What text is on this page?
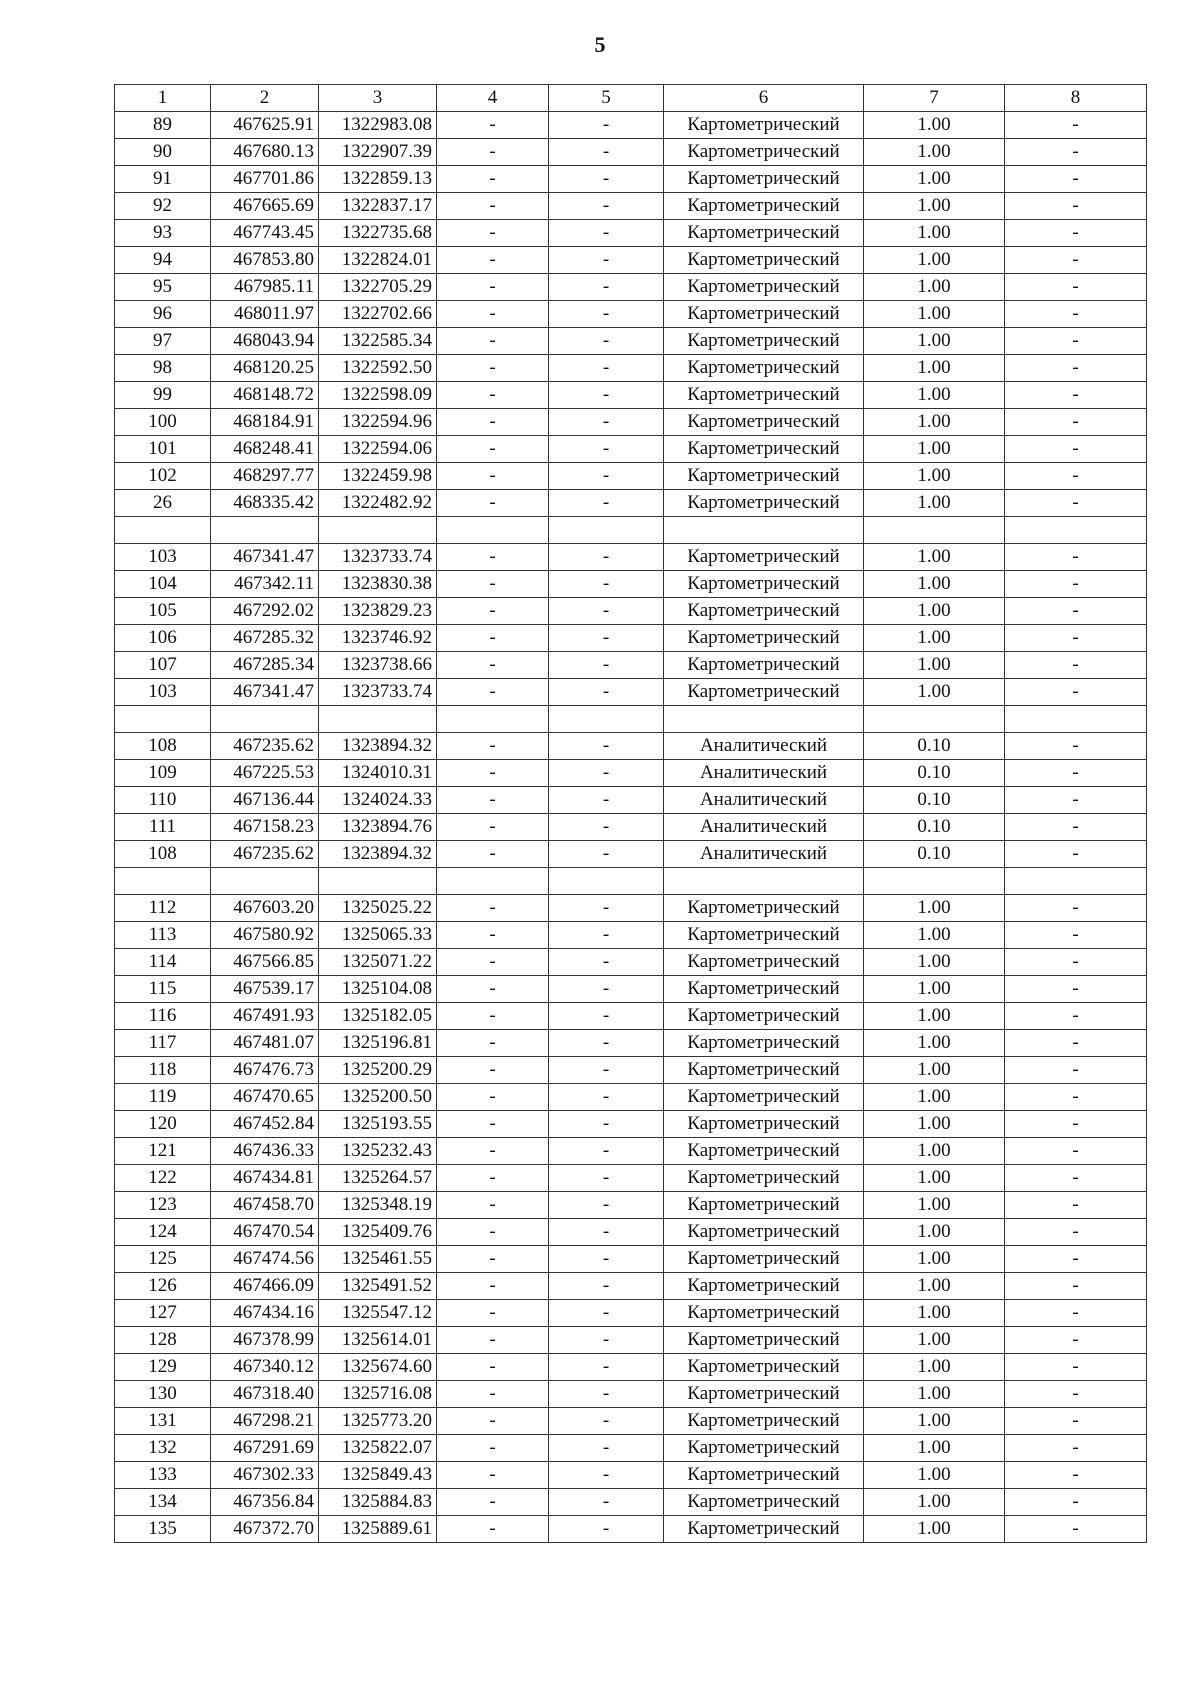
5
1	2	3	4	5	6	7	8
89	467625.91	1322983.08	-	-	Картометрический	1.00	-
90	467680.13	1322907.39	-	-	Картометрический	1.00	-
91	467701.86	1322859.13	-	-	Картометрический	1.00	-
92	467665.69	1322837.17	-	-	Картометрический	1.00	-
93	467743.45	1322735.68	-	-	Картометрический	1.00	-
94	467853.80	1322824.01	-	-	Картометрический	1.00	-
95	467985.11	1322705.29	-	-	Картометрический	1.00	-
96	468011.97	1322702.66	-	-	Картометрический	1.00	-
97	468043.94	1322585.34	-	-	Картометрический	1.00	-
98	468120.25	1322592.50	-	-	Картометрический	1.00	-
99	468148.72	1322598.09	-	-	Картометрический	1.00	-
100	468184.91	1322594.96	-	-	Картометрический	1.00	-
101	468248.41	1322594.06	-	-	Картометрический	1.00	-
102	468297.77	1322459.98	-	-	Картометрический	1.00	-
26	468335.42	1322482.92	-	-	Картометрический	1.00	-

103	467341.47	1323733.74	-	-	Картометрический	1.00	-
104	467342.11	1323830.38	-	-	Картометрический	1.00	-
105	467292.02	1323829.23	-	-	Картометрический	1.00	-
106	467285.32	1323746.92	-	-	Картометрический	1.00	-
107	467285.34	1323738.66	-	-	Картометрический	1.00	-
103	467341.47	1323733.74	-	-	Картометрический	1.00	-

108	467235.62	1323894.32	-	-	Аналитический	0.10	-
109	467225.53	1324010.31	-	-	Аналитический	0.10	-
110	467136.44	1324024.33	-	-	Аналитический	0.10	-
111	467158.23	1323894.76	-	-	Аналитический	0.10	-
108	467235.62	1323894.32	-	-	Аналитический	0.10	-

112	467603.20	1325025.22	-	-	Картометрический	1.00	-
113	467580.92	1325065.33	-	-	Картометрический	1.00	-
114	467566.85	1325071.22	-	-	Картометрический	1.00	-
115	467539.17	1325104.08	-	-	Картометрический	1.00	-
116	467491.93	1325182.05	-	-	Картометрический	1.00	-
117	467481.07	1325196.81	-	-	Картометрический	1.00	-
118	467476.73	1325200.29	-	-	Картометрический	1.00	-
119	467470.65	1325200.50	-	-	Картометрический	1.00	-
120	467452.84	1325193.55	-	-	Картометрический	1.00	-
121	467436.33	1325232.43	-	-	Картометрический	1.00	-
122	467434.81	1325264.57	-	-	Картометрический	1.00	-
123	467458.70	1325348.19	-	-	Картометрический	1.00	-
124	467470.54	1325409.76	-	-	Картометрический	1.00	-
125	467474.56	1325461.55	-	-	Картометрический	1.00	-
126	467466.09	1325491.52	-	-	Картометрический	1.00	-
127	467434.16	1325547.12	-	-	Картометрический	1.00	-
128	467378.99	1325614.01	-	-	Картометрический	1.00	-
129	467340.12	1325674.60	-	-	Картометрический	1.00	-
130	467318.40	1325716.08	-	-	Картометрический	1.00	-
131	467298.21	1325773.20	-	-	Картометрический	1.00	-
132	467291.69	1325822.07	-	-	Картометрический	1.00	-
133	467302.33	1325849.43	-	-	Картометрический	1.00	-
134	467356.84	1325884.83	-	-	Картометрический	1.00	-
135	467372.70	1325889.61	-	-	Картометрический	1.00	-
